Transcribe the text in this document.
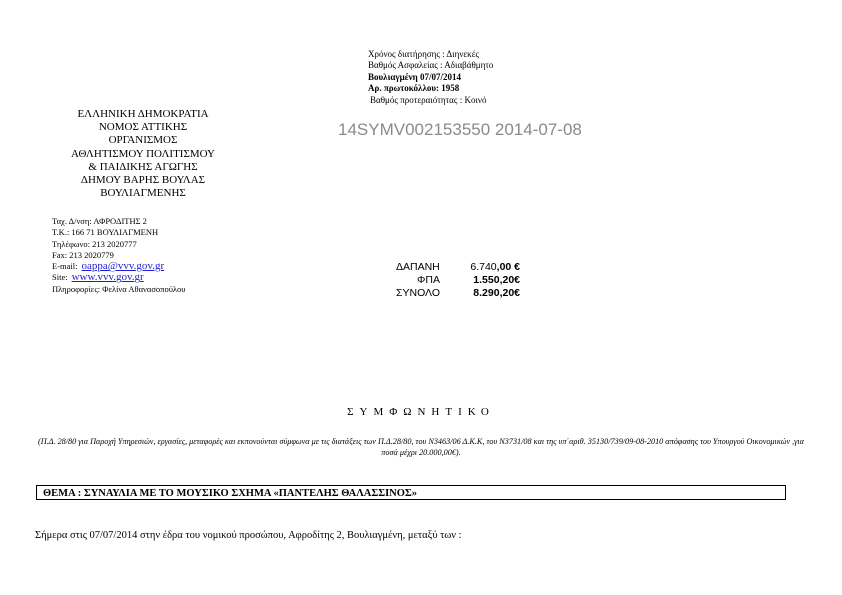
Χρόνος διατήρησης : Διηνεκές
Βαθμός Ασφαλείας : Αδιαβάθμητο
Βουλιαγμένη 07/07/2014
Αρ. πρωτοκόλλου: 1958
Βαθμός προτεραιότητας : Κοινό
14SYMV002153550 2014-07-08
ΕΛΛΗΝΙΚΗ ΔΗΜΟΚΡΑΤΙΑ
ΝΟΜΟΣ ΑΤΤΙΚΗΣ
ΟΡΓΑΝΙΣΜΟΣ
ΑΘΛΗΤΙΣΜΟΥ ΠΟΛΙΤΙΣΜΟΥ
& ΠΑΙΔΙΚΗΣ ΑΓΩΓΗΣ
ΔΗΜΟΥ ΒΑΡΗΣ ΒΟΥΛΑΣ
ΒΟΥΛΙΑΓΜΕΝΗΣ
Ταχ. Δ/νση: ΑΦΡΟΔΙΤΗΣ 2
Τ.Κ.: 166 71 ΒΟΥΛΙΑΓΜΕΝΗ
Τηλέφωνο: 213 2020777
Fax: 213 2020779
E-mail: oappa@vvv.gov.gr
Site: www.vvv.gov.gr
Πληροφορίες: Φελίνα Αθανασοπούλου
ΔΑΠΑΝΗ	6.740,00 €
ΦΠΑ	1.550,20€
ΣΥΝΟΛΟ	8.290,20€
ΣΥΜΦΩΝΗΤΙΚΟ
(Π.Δ. 28/80 για Παροχή Υπηρεσιών, εργασίες, μεταφορές και εκπονούνται σύμφωνα με τις διατάξεις των Π.Δ.28/80, του Ν3463/06 Δ.Κ.Κ, του Ν3731/08 και της υπ΄αριθ. 35130/739/09-08-2010 απόφασης του Υπουργού Οικονομικών ,για ποσά μέχρι 20.000,00€).
ΘΕΜΑ : ΣΥΝΑΥΛΙΑ ΜΕ ΤΟ ΜΟΥΣΙΚΟ ΣΧΗΜΑ «ΠΑΝΤΕΛΗΣ ΘΑΛΑΣΣΙΝΟΣ»
Σήμερα στις 07/07/2014 στην έδρα του νομικού προσώπου, Αφροδίτης 2, Βουλιαγμένη, μεταξύ των :
